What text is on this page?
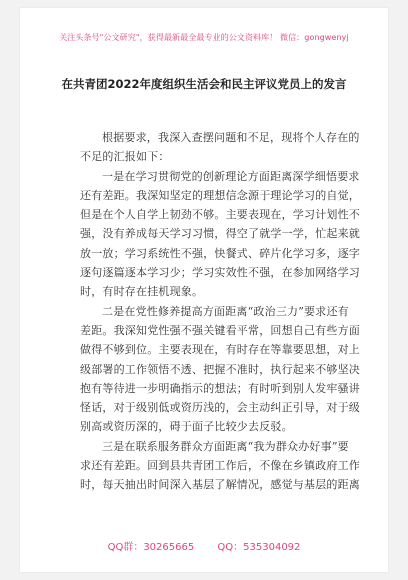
关注头条号"公文研究"，获得最新最全最专业的公文资料库！ 微信：gongwenyj
在共青团2022年度组织生活会和民主评议党员上的发言
根据要求，我深入查摆问题和不足，现将个人存在的
不足的汇报如下：
一是在学习贯彻党的创新理论方面距离深学细悟要求
还有差距。我深知坚定的理想信念源于理论学习的自觉，
但是在个人自学上韧劲不够。主要表现在，学习计划性不
强，没有养成每天学习习惯，得空了就学一学，忙起来就
放一放；学习系统性不强，快餐式、碎片化学习多，逐字
逐句逐篇逐本学习少；学习实效性不强，在参加网络学习
时，有时存在挂机现象。
二是在党性修养提高方面距离“政治三力”要求还有
差距。我深知党性强不强关键看平常，回想自己有些方面
做得不够到位。主要表现在，有时存在等靠要思想，对上
级部署的工作领悟不透、把握不准时，执行起来不够坚决
抱有等待进一步明确指示的想法；有时听到别人发牢骚讲
怪话，对于级别低或资历浅的，会主动纠正引导，对于级
别高或资历深的，碍于面子比较少去反驳。
三是在联系服务群众方面距离“我为群众办好事”要
求还有差距。回到县共青团工作后，不像在乡镇政府工作
时，每天抽出时间深入基层了解情况，感觉与基层的距离
QQ群：30265665 QQ：535304092
